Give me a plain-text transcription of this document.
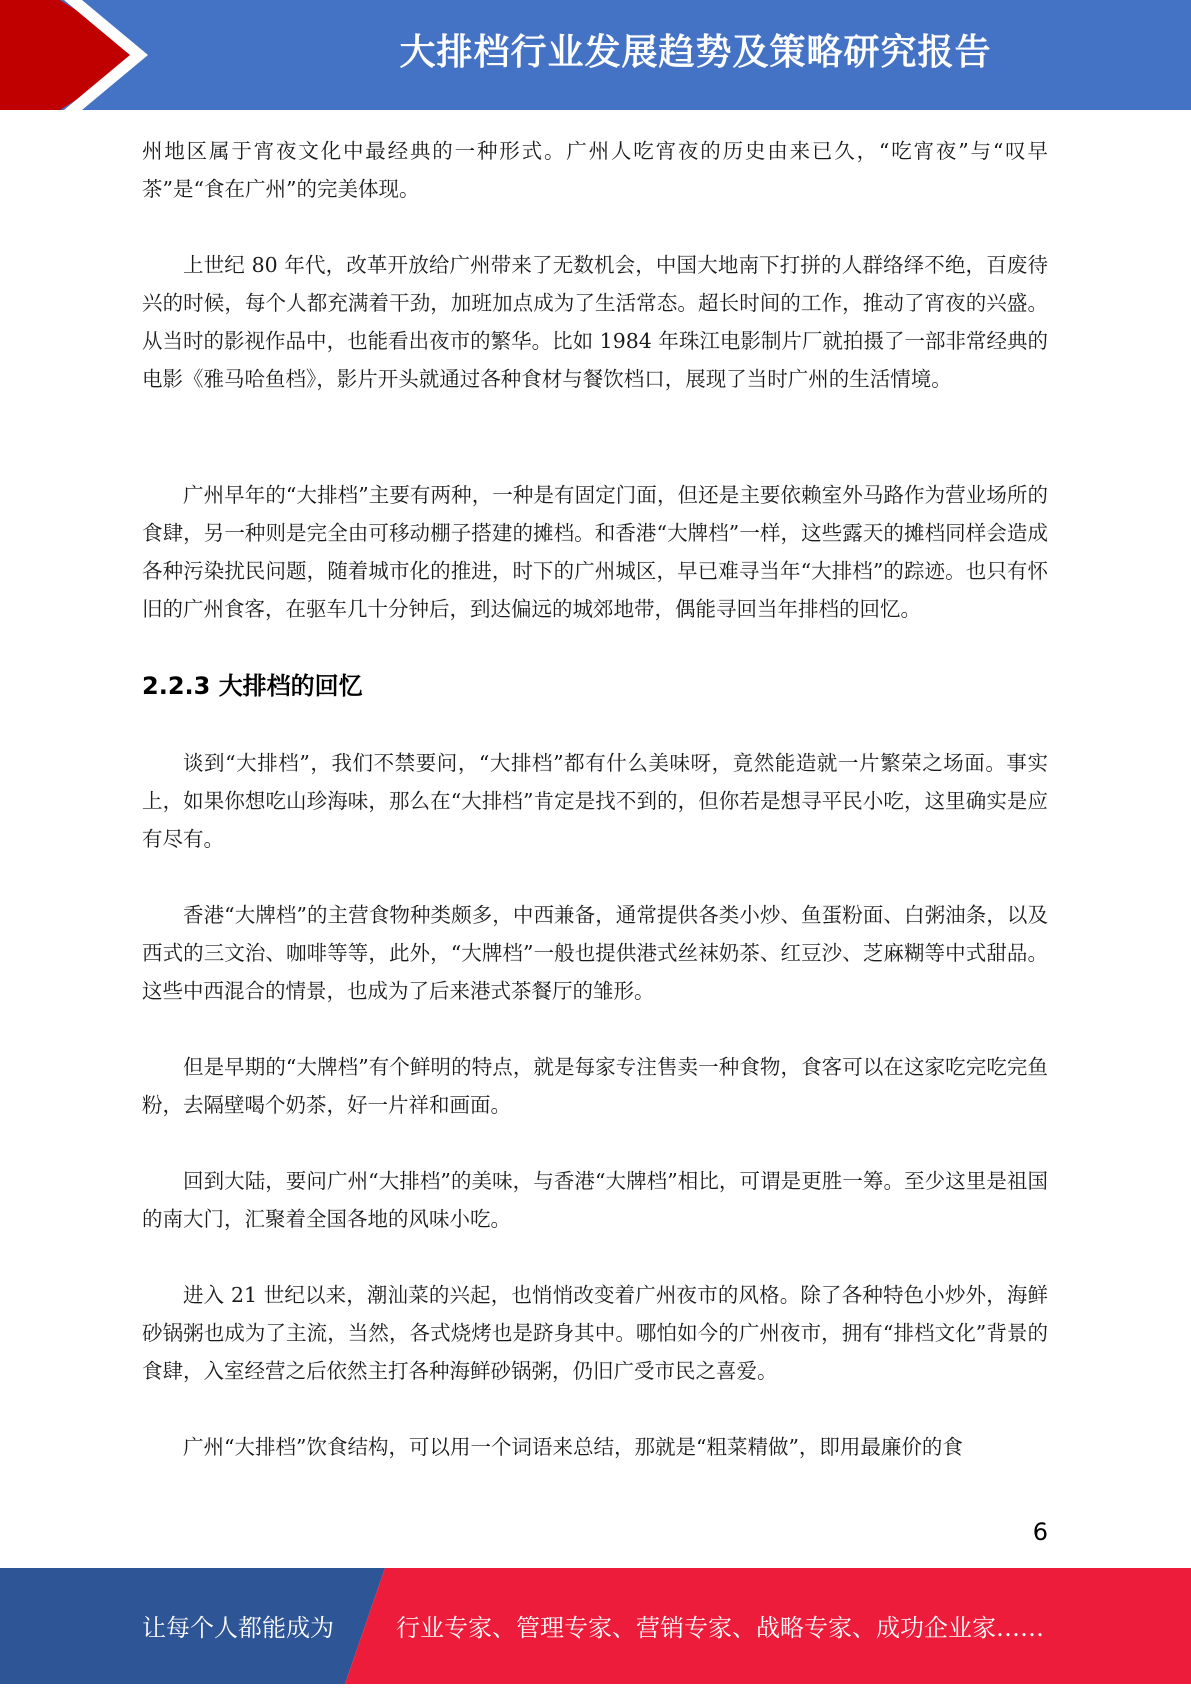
大排档行业发展趋势及策略研究报告

州地区属于宵夜文化中最经典的一种形式。广州人吃宵夜的历史由来已久，“吃宵夜”与“叹早茶”是“食在广州”的完美体现。

上世纪 80 年代，改革开放给广州带来了无数机会，中国大地南下打拼的人群络绎不绝，百废待兴的时候，每个人都充满着干劲，加班加点成为了生活常态。超长时间的工作，推动了宵夜的兴盛。从当时的影视作品中，也能看出夜市的繁华。比如 1984 年珠江电影制片厂就拍摄了一部非常经典的电影《雅马哈鱼档》，影片开头就通过各种食材与餐饮档口，展现了当时广州的生活情境。

广州早年的“大排档”主要有两种，一种是有固定门面，但还是主要依赖室外马路作为营业场所的食肆，另一种则是完全由可移动棚子搭建的摊档。和香港“大牌档”一样，这些露天的摊档同样会造成各种污染扰民问题，随着城市化的推进，时下的广州城区，早已难寻当年“大排档”的踪迹。也只有怀旧的广州食客，在驱车几十分钟后，到达偏远的城郊地带，偶能寻回当年排档的回忆。

2.2.3 大排档的回忆

谈到“大排档”，我们不禁要问，“大排档”都有什么美味呀，竟然能造就一片繁荣之场面。事实上，如果你想吃山珍海味，那么在“大排档”肯定是找不到的，但你若是想寻平民小吃，这里确实是应有尽有。

香港“大牌档”的主营食物种类颇多，中西兼备，通常提供各类小炒、鱼蛋粉面、白粥油条，以及西式的三文治、咖啡等等，此外，“大牌档”一般也提供港式丝袜奶茶、红豆沙、芝麻糊等中式甜品。这些中西混合的情景，也成为了后来港式茶餐厅的雏形。

但是早期的“大牌档”有个鲜明的特点，就是每家专注售卖一种食物，食客可以在这家吃完吃完鱼粉，去隔壁喝个奶茶，好一片祥和画面。

回到大陆，要问广州“大排档”的美味，与香港“大牌档”相比，可谓是更胜一筹。至少这里是祖国的南大门，汇聚着全国各地的风味小吃。

进入 21 世纪以来，潮汕菜的兴起，也悄悄改变着广州夜市的风格。除了各种特色小炒外，海鲜砂锅粥也成为了主流，当然，各式烧烤也是跻身其中。哪怕如今的广州夜市，拥有“排档文化”背景的食肆，入室经营之后依然主打各种海鲜砂锅粥，仍旧广受市民之喜爱。

广州“大排档”饮食结构，可以用一个词语来总结，那就是“粗菜精做”，即用最廉价的食

6
让每个人都能成为	行业专家、管理专家、营销专家、战略专家、成功企业家……
